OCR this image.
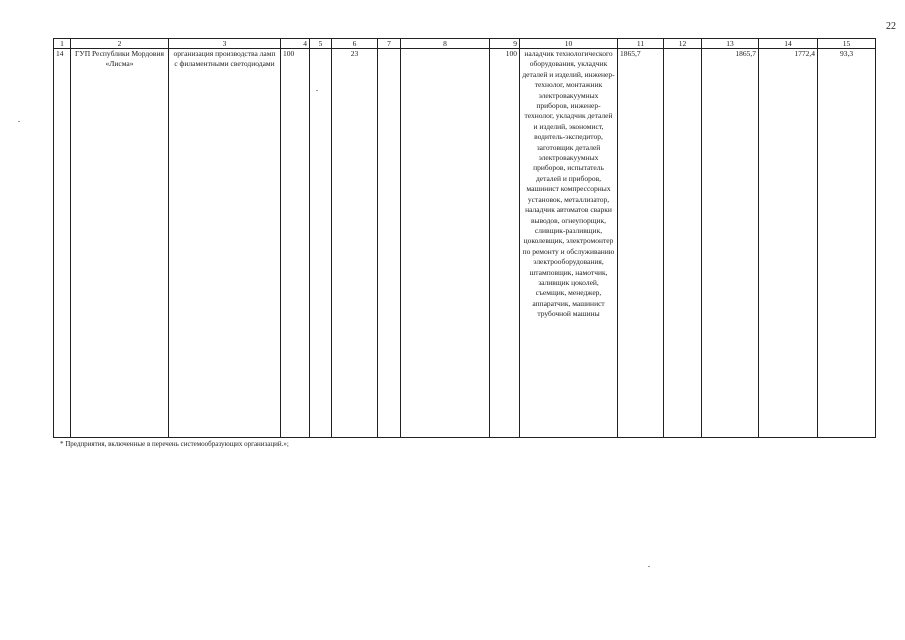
22
1	2	3	4	5	6	7	8	9	10	11	12	13	14	15
14	ГУП Республики Мордовия «Лисма»	организация производства ламп с филаментными светодиодами	100		23			100	наладчик технологического оборудования, укладчик деталей и изделий, инженер-технолог, монтажник электровакуумных приборов, инженер-технолог, укладчик деталей и изделий, экономист, водитель-экспедитор, заготовщик деталей электровакуумных приборов, испытатель деталей и приборов, машинист компрессорных установок, металлизатор, наладчик автоматов сварки выводов, огнеупорщик, сливщик-разливщик, цоколевщик, электромонтер по ремонту и обслуживанию электрооборудования, штамповщик, намотчик, заливщик цоколей, съемщик, менеджер, аппаратчик, машинист трубочной машины	1865,7		1865,7	1772,4	93,3
* Предприятия, включенные в перечень системообразующих организаций.»;
